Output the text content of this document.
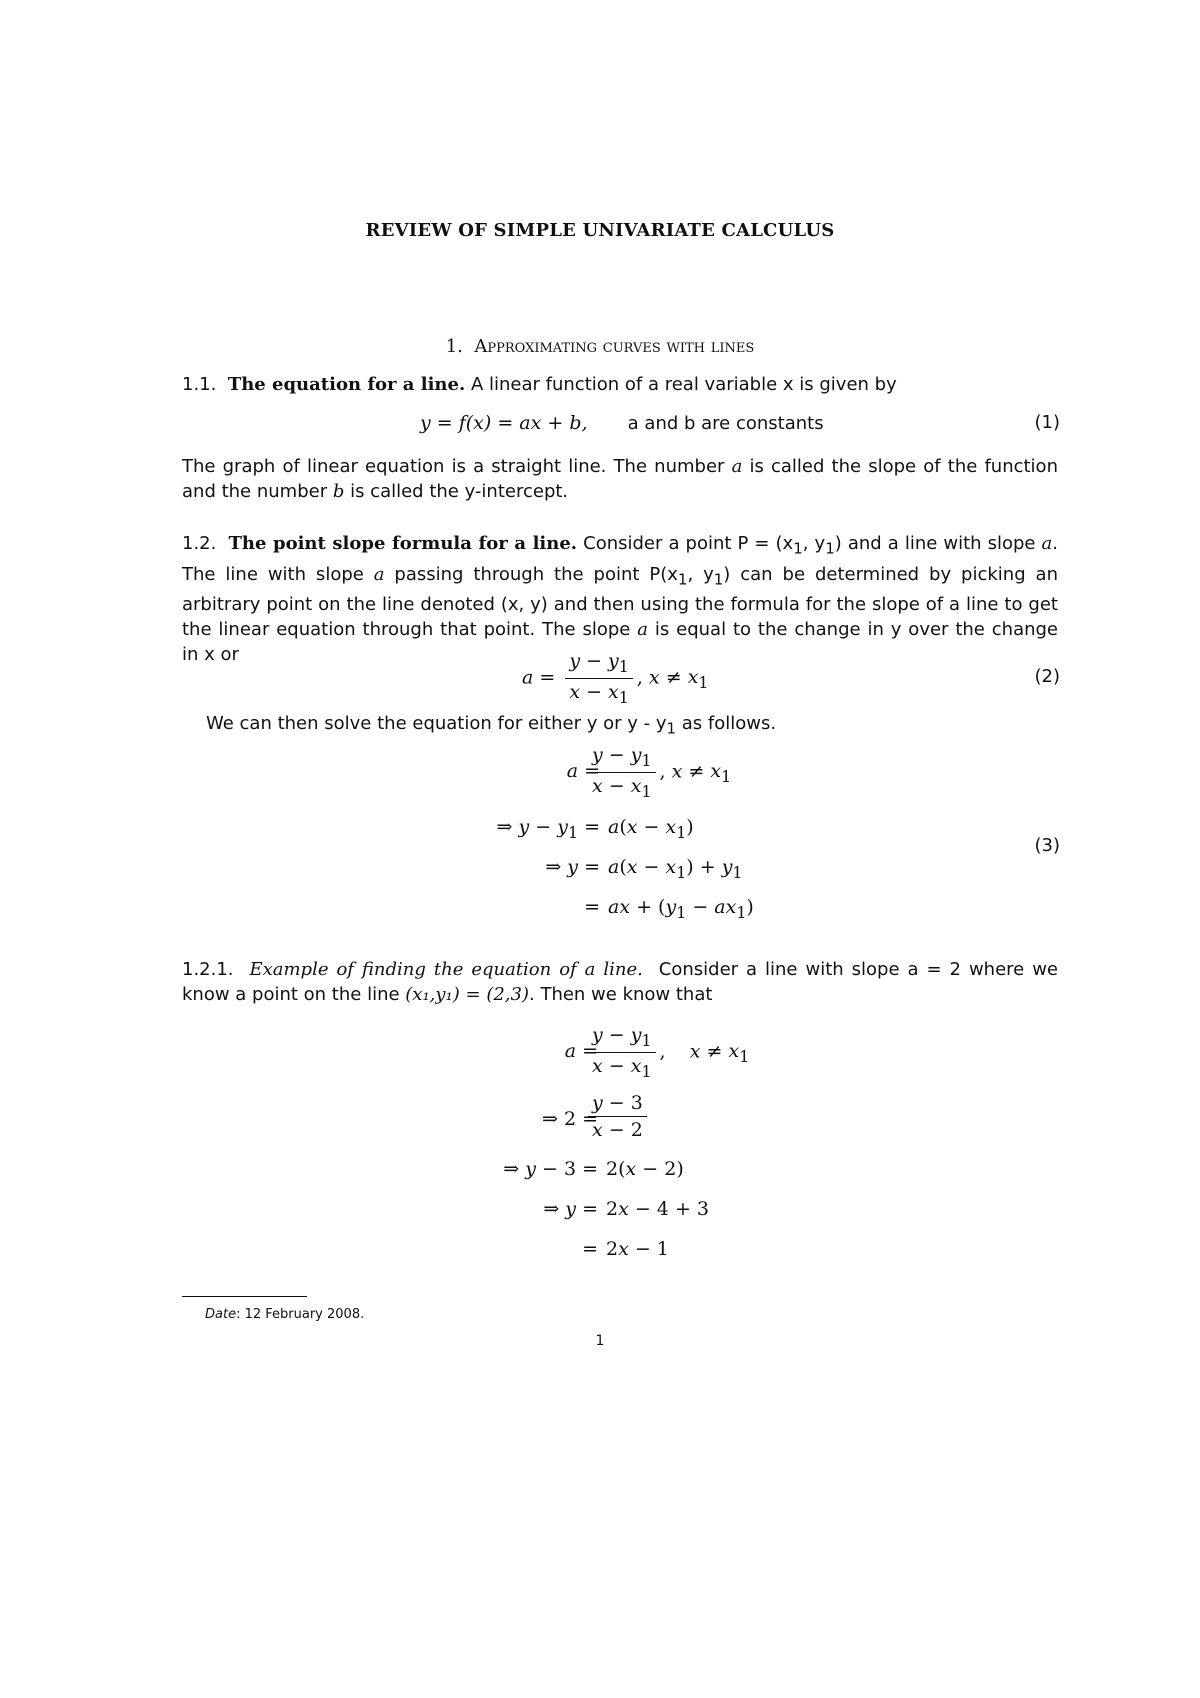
REVIEW OF SIMPLE UNIVARIATE CALCULUS
1. Approximating curves with lines
1.1. The equation for a line. A linear function of a real variable x is given by
y = f(x) = ax + b, a and b are constants	(1)
The graph of linear equation is a straight line. The number a is called the slope of the function and the number b is called the y-intercept.
1.2. The point slope formula for a line. Consider a point $P = (x_1$, $y_1$) and a line with slope a. The line with slope a passing through the point $P(x_1$, $y_1$) can be determined by picking an arbitrary point on the line denoted (x, y) and then using the formula for the slope of a line to get the linear equation through that point. The slope a is equal to the change in y over the change in x or
$a = \frac{y - y_1}{x - x_1}$ , $x \ne x_1$	(2)
We can then solve the equation for either y or y - $y_1$ as follows.
a =
$\frac{y - y_1}{x - x_1}$ , $x \ne x_1$
⇒ $y - y_1 = a(x - x_1)$
⇒ $y = a(x - x_1) + y_1$
= ax + $(y_1 - ax_1)$
(3)
1.2.1. Example of finding the equation of a line. Consider a line with slope a = 2 where we know a point on the line (x₁,y₁) = (2,3). Then we know that
a =
$\frac{y - y_1}{x - x_1}$ , $x \ne x_1$
⇒ 2 =
$\frac{y - 3}{x - 2}$
⇒ y − 3 = 2(x − 2)
⇒ y = 2x − 4 + 3
= 2x − 1
Date: 12 February 2008.
1
